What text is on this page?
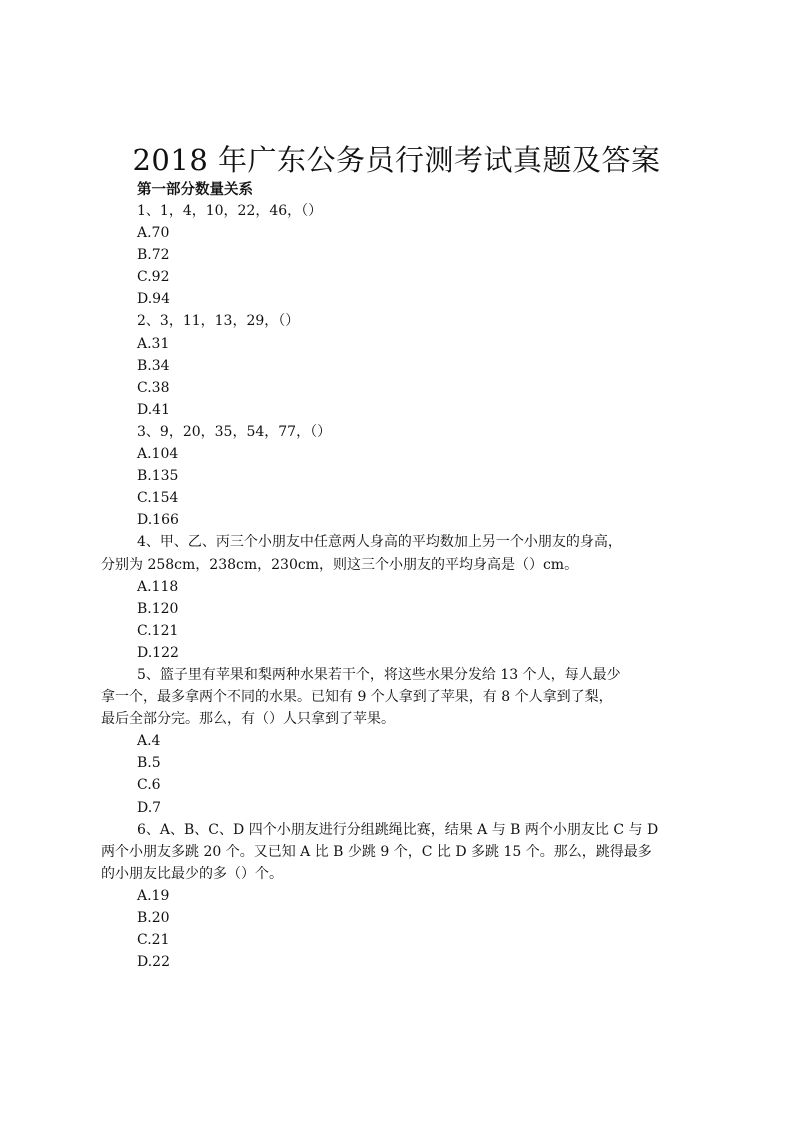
2018 年广东公务员行测考试真题及答案
第一部分数量关系
1、1，4，10，22，46，（）
A.70
B.72
C.92
D.94
2、3，11，13，29，（）
A.31
B.34
C.38
D.41
3、9，20，35，54，77，（）
A.104
B.135
C.154
D.166
4、甲、乙、丙三个小朋友中任意两人身高的平均数加上另一个小朋友的身高，
分别为 258cm，238cm，230cm，则这三个小朋友的平均身高是（）cm。
A.118
B.120
C.121
D.122
5、篮子里有苹果和梨两种水果若干个，将这些水果分发给 13 个人，每人最少
拿一个，最多拿两个不同的水果。已知有 9 个人拿到了苹果，有 8 个人拿到了梨，
最后全部分完。那么，有（）人只拿到了苹果。
A.4
B.5
C.6
D.7
6、A、B、C、D 四个小朋友进行分组跳绳比赛，结果 A 与 B 两个小朋友比 C 与 D
两个小朋友多跳 20 个。又已知 A 比 B 少跳 9 个，C 比 D 多跳 15 个。那么，跳得最多
的小朋友比最少的多（）个。
A.19
B.20
C.21
D.22
